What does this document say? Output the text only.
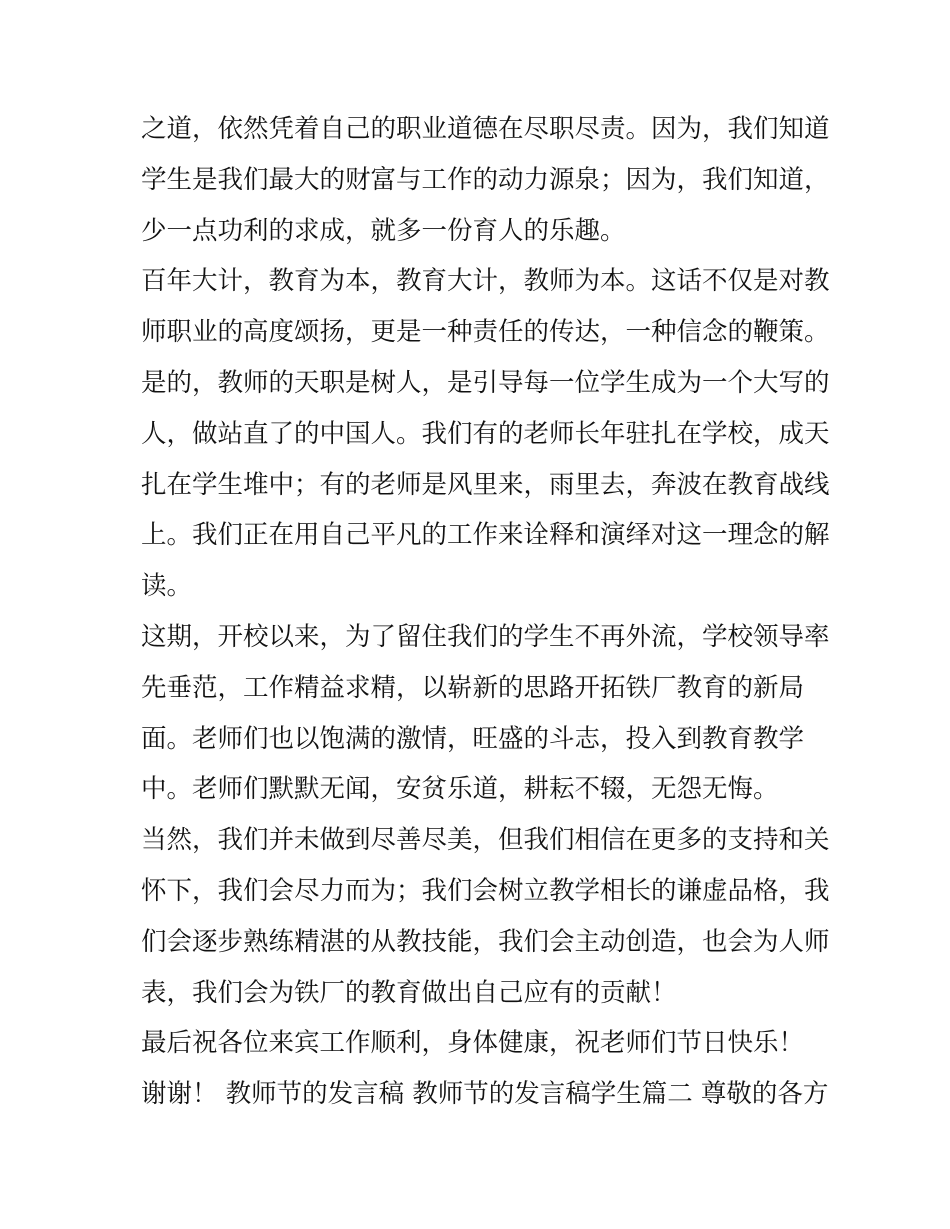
之道，依然凭着自己的职业道德在尽职尽责。因为，我们知道
学生是我们最大的财富与工作的动力源泉；因为，我们知道，
少一点功利的求成，就多一份育人的乐趣。
百年大计，教育为本，教育大计，教师为本。这话不仅是对教
师职业的高度颂扬，更是一种责任的传达，一种信念的鞭策。
是的，教师的天职是树人，是引导每一位学生成为一个大写的
人，做站直了的中国人。我们有的老师长年驻扎在学校，成天
扎在学生堆中；有的老师是风里来，雨里去，奔波在教育战线
上。我们正在用自己平凡的工作来诠释和演绎对这一理念的解
读。
这期，开校以来，为了留住我们的学生不再外流，学校领导率
先垂范，工作精益求精，以崭新的思路开拓铁厂教育的新局
面。老师们也以饱满的激情，旺盛的斗志，投入到教育教学
中。老师们默默无闻，安贫乐道，耕耘不辍，无怨无悔。
当然，我们并未做到尽善尽美，但我们相信在更多的支持和关
怀下，我们会尽力而为；我们会树立教学相长的谦虚品格，我
们会逐步熟练精湛的从教技能，我们会主动创造，也会为人师
表，我们会为铁厂的教育做出自己应有的贡献！
最后祝各位来宾工作顺利，身体健康，祝老师们节日快乐！
谢谢！ 教师节的发言稿 教师节的发言稿学生篇二 尊敬的各方
